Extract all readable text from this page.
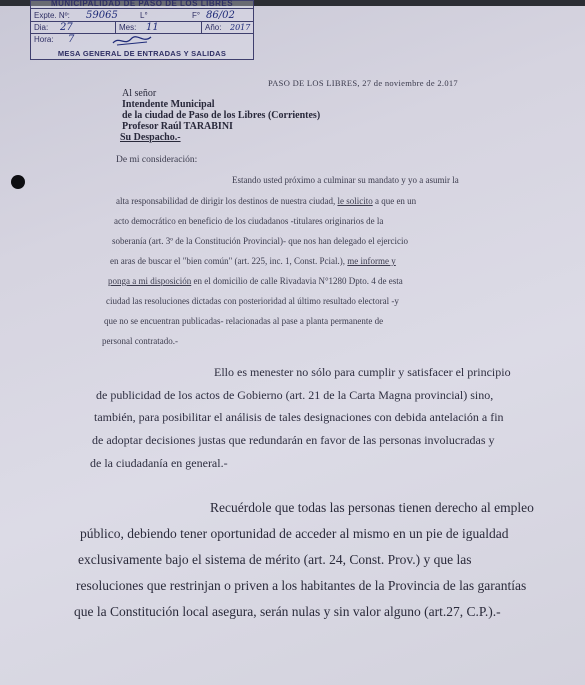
MUNICIPALIDAD DE PASO DE LOS LIBRES
Expte. Nº:	59065	L°	F° 86/02
Dia:	27	Mes: 11	Año:	2017
Hora:	7
MESA GENERAL DE ENTRADAS Y SALIDAS
PASO DE LOS LIBRES, 27 de noviembre de 2.017
Al señor
Intendente Municipal
de la ciudad de Paso de los Libres (Corrientes)
Profesor Raúl TARABINI
Su Despacho.-
De mi consideración:
Estando usted próximo a culminar su mandato y yo a asumir la
alta responsabilidad de dirigir los destinos de nuestra ciudad, le solicito a que en un
acto democrático en beneficio de los ciudadanos -titulares originarios de la
soberanía (art. 3º de la Constitución Provincial)- que nos han delegado el ejercicio
en aras de buscar el "bien común" (art. 225, inc. 1, Const. Pcial.), me informe y
ponga a mi disposición en el domicilio de calle Rivadavia N°1280 Dpto. 4 de esta
ciudad las resoluciones dictadas con posterioridad al último resultado electoral -y
que no se encuentran publicadas- relacionadas al pase a planta permanente de
personal contratado.-
Ello es menester no sólo para cumplir y satisfacer el principio
de publicidad de los actos de Gobierno (art. 21 de la Carta Magna provincial) sino,
también, para posibilitar el análisis de tales designaciones con debida antelación a fin
de adoptar decisiones justas que redundarán en favor de las personas involucradas y
de la ciudadanía en general.-
Recuérdole que todas las personas tienen derecho al empleo
público, debiendo tener oportunidad de acceder al mismo en un pie de igualdad
exclusivamente bajo el sistema de mérito (art. 24, Const. Prov.) y que las
resoluciones que restrinjan o priven a los habitantes de la Provincia de las garantías
que la Constitución local asegura, serán nulas y sin valor alguno (art.27, C.P.).-
